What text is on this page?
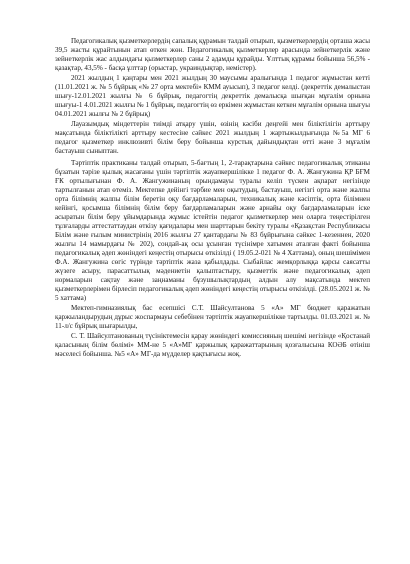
Педагогикалық қызметкерлердің сапалық құрамын талдай отырып, қызметкерлердің орташа жасы 39,5 жасты құрайтынын атап өткен жөн. Педагогикалық қызметкерлер арасында зейнеткерлік және зейнеткерлік жас алдындағы қызметкерлер саны 2 адамды құрайды. Ұлттық құрамы бойынша 56,5% - қазақтар, 43,5% - басқа ұлттар (орыстар, украиндықтар, немістер).

2021 жылдың 1 қаңтары мен 2021 жылдың 30 маусымы аралығында 1 педагог жұмыстан кетті (11.01.2021 ж. № 5 бұйрық «№ 27 орта мектебі» КММ ауысып), 3 педагог келді. (декреттік демалыстан шығу-12.01.2021 жылғы № 6 бұйрық, педагогтің декреттік демалысқа шығқан мұғалім орнына шығуы-1 4.01.2021 жылғы № 1 бұйрық, педагогтің өз еркімен жұмыстан кеткен мұғалім орнына шығуы 04.01.2021 жылғы № 2 бұйрық)

Лауазымдық міндеттерін тиімді атқару үшін, өзінің кәсіби деңгейі мен біліктілігін арттыру мақсатында біліктілікті арттыру кестесіне сәйкес 2021 жылдың 1 жартыжылдығында №5а МГ 6 педагог қызметкер инклюзивті білім беру бойынша курстық дайындықтан өтті және 3 мұғалім бастауыш сыныптан.

Тәртіптік практиканы талдай отырып, 5-бағтың 1, 2-тарақтарына сәйкес педагогикалық этиканы бұзатын тәрізе қылық жасағаны үшін тәртіптік жауапкершілікке 1 педагог Ф. А. Жангужина ҚР БҒМ ҒК ортылығынан Ф. А. Жангужинаның орындамауы туралы келіп түскен ақпарат негізінде тартылғанын атап өтеміз. Мектепке дейінгі тәрбие мен оқытудың, бастауыш, негізгі орта және жалпы орта білімнің жалпы білім беретін оқу бағдарламаларын, техникалық және кәсіптік, орта білімнен кейінгі, қосымша білімнің білім беру бағдарламаларын және арнайы оқу бағдарламаларын іске асыратын білім беру ұйымдарында жұмыс істейтін педагог қызметкерлер мен оларға теңестірілген тұлғаларды аттестаттаудан өткізу қағидалары мен шарттарын бекіту туралы «Қазақстан Республикасы Білім және ғылым министрінің 2016 жылғы 27 қантардағы № 83 бұйрығына сәйкес 1-кезеннен, 2020 жылғы 14 мамырдағы № 202), сондай-ақ осы ұсынған түсінімре хатымен аталған факті бойынша педагогикалық әдеп жөніндегі кеңестің отырысы өткізілді ( 19.05.2-021 № 4 Хаттама), оның шешімімен Ф.А. Жангужина сөгіс түрінде тәртіптік жаза қабылдады. Сыбайлас жемқорлыққа қарсы саясатты жүзеге асыру, парасаттылық мәдениетін қалыптастыру, қызметтік және педагогикалық әдеп нормаларын сақтау және заңнаманы бұзушылықтардың алдын алу мақсатында мектеп қызметкерлерімен бірлесіп педагогикалық әдеп жөніндегі кеңестің отырысы өткізілді. (28.05.2021 ж. № 5 хаттама)

Мектеп-гимназиялық бас есепшісі С.Т. Шайсултанова 5 «А» МГ бюджет қаражатын қаржыландырудың дұрыс жоспармауы себебінен тәртіптік жауапкершілікке тартылды. 01.03.2021 ж. № 11-л/с бұйрық шығарылды,

С. Т. Шайсултанованың түсініктемесін қарау жөніндегі комиссияның шешімі негізінде «Қостанай қаласының білім бөлімі» ММ-не 5 «А»МГ қаржылық қаражаттарының қозғалысына КОӘБ өтініш мәселесі бойынша. №5 «А» МГ-да мүдделер қақтығысы жоқ.
